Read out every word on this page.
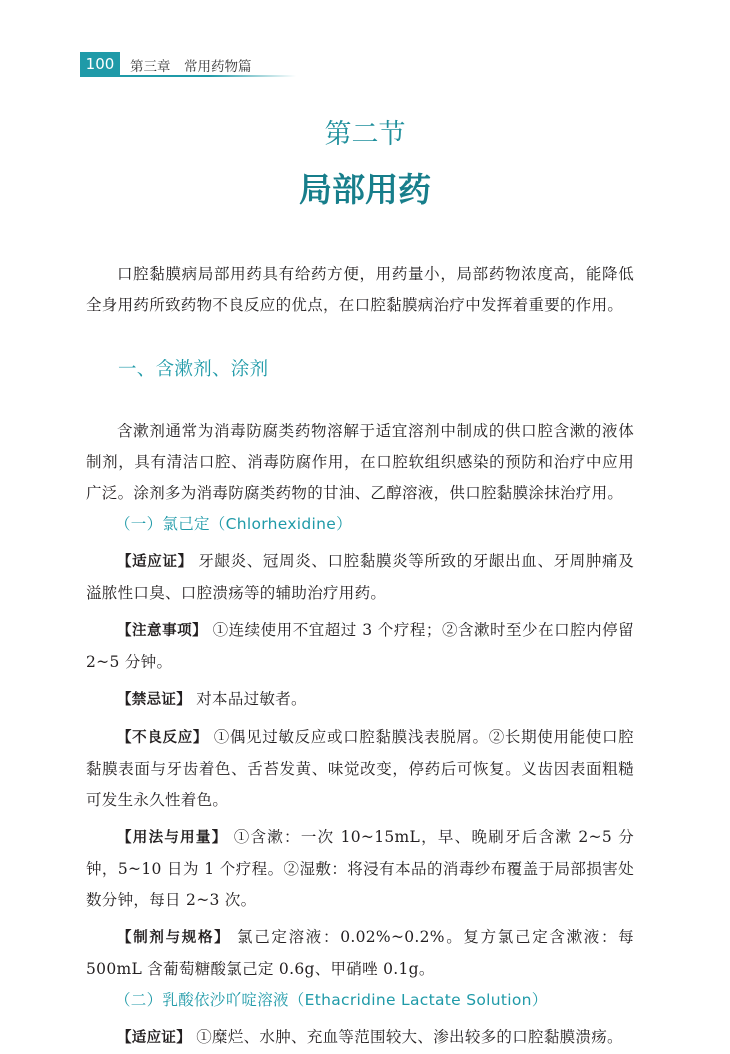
100	第三章　常用药物篇
第二节
局部用药

口腔黏膜病局部用药具有给药方便，用药量小，局部药物浓度高，能降低全身用药所致药物不良反应的优点，在口腔黏膜病治疗中发挥着重要的作用。

一、含漱剂、涂剂

含漱剂通常为消毒防腐类药物溶解于适宜溶剂中制成的供口腔含漱的液体制剂，具有清洁口腔、消毒防腐作用，在口腔软组织感染的预防和治疗中应用广泛。涂剂多为消毒防腐类药物的甘油、乙醇溶液，供口腔黏膜涂抹治疗用。

（一）氯己定（Chlorhexidine）

【适应证】 牙龈炎、冠周炎、口腔黏膜炎等所致的牙龈出血、牙周肿痛及溢脓性口臭、口腔溃疡等的辅助治疗用药。

【注意事项】 ①连续使用不宜超过 3 个疗程；②含漱时至少在口腔内停留 2~5 分钟。

【禁忌证】 对本品过敏者。

【不良反应】 ①偶见过敏反应或口腔黏膜浅表脱屑。②长期使用能使口腔黏膜表面与牙齿着色、舌苔发黄、味觉改变，停药后可恢复。义齿因表面粗糙可发生永久性着色。

【用法与用量】 ①含漱：一次 10~15mL，早、晚刷牙后含漱 2~5 分钟，5~10 日为 1 个疗程。②湿敷：将浸有本品的消毒纱布覆盖于局部损害处数分钟，每日 2~3 次。

【制剂与规格】 氯己定溶液：0.02%~0.2%。复方氯己定含漱液：每 500mL 含葡萄糖酸氯己定 0.6g、甲硝唑 0.1g。

（二）乳酸依沙吖啶溶液（Ethacridine Lactate Solution）

【适应证】 ①糜烂、水肿、充血等范围较大、渗出较多的口腔黏膜溃疡。
